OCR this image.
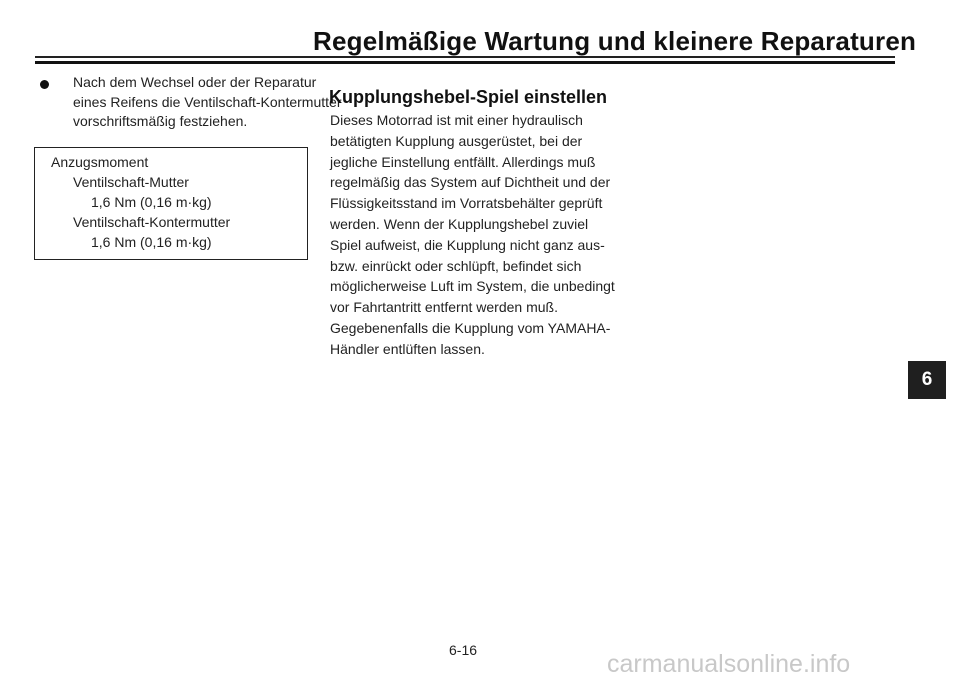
Regelmäßige Wartung und kleinere Reparaturen
Nach dem Wechsel oder der Reparatur eines Reifens die Ventilschaft-Kontermutter vorschriftsmäßig festziehen.
Anzugsmoment
Ventilschaft-Mutter
1,6 Nm (0,16 m·kg)
Ventilschaft-Kontermutter
1,6 Nm (0,16 m·kg)
Kupplungshebel-Spiel einstellen
Dieses Motorrad ist mit einer hydraulisch betätigten Kupplung ausgerüstet, bei der jegliche Einstellung entfällt. Allerdings muß regelmäßig das System auf Dichtheit und der Flüssigkeitsstand im Vorratsbehälter geprüft werden. Wenn der Kupplungshebel zuviel Spiel aufweist, die Kupplung nicht ganz aus- bzw. einrückt oder schlüpft, befindet sich möglicherweise Luft im System, die unbedingt vor Fahrtantritt entfernt werden muß. Gegebenenfalls die Kupplung vom YAMAHA-Händler entlüften lassen.
6
6-16	carmanualsonline.info
